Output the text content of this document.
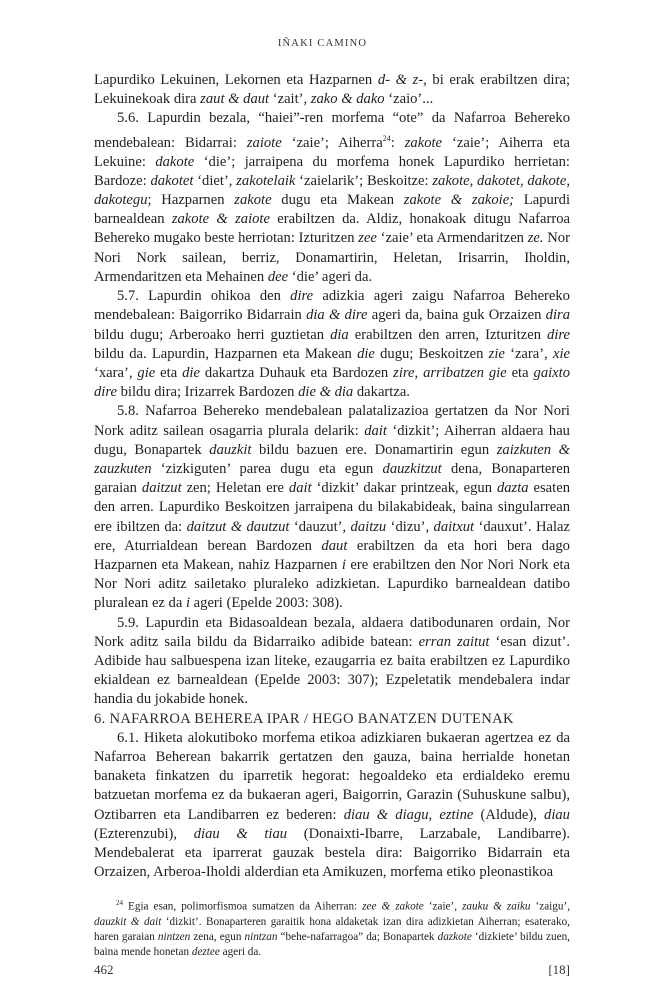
IÑAKI CAMINO

Lapurdiko Lekuinen, Lekornen eta Hazparnen d- & z-, bi erak erabiltzen dira; Lekuinekoak dira zaut & daut ‘zait’, zako & dako ‘zaio’...

5.6. Lapurdin bezala, “haiei”-ren morfema “ote” da Nafarroa Behereko mendebalean: Bidarrai: zaiote ‘zaie’; Aiherra$^{24}$: zakote ‘zaie’; Aiherra eta Lekuine: dakote ‘die’; jarraipena du morfema honek Lapurdiko herrietan: Bardoze: dakotet ‘diet’, zakotelaik ‘zaielarik’; Beskoitze: zakote, dakotet, dakote, dakotegu; Hazparnen zakote dugu eta Makean zakote & zakoie; Lapurdi barnealdean zakote & zaiote erabiltzen da. Aldiz, honakoak ditugu Nafarroa Behereko mugako beste herriotan: Izturitzen zee ‘zaie’ eta Armendaritzen ze. Nor Nori Nork sailean, berriz, Donamartirin, Heletan, Irisarrin, Iholdin, Armendaritzen eta Mehainen dee ‘die’ ageri da.

5.7. Lapurdin ohikoa den dire adizkia ageri zaigu Nafarroa Behereko mendebalean: Baigorriko Bidarrain dia & dire ageri da, baina guk Orzaizen dira bildu dugu; Arberoako herri guztietan dia erabiltzen den arren, Izturitzen dire bildu da. Lapurdin, Hazparnen eta Makean die dugu; Beskoitzen zie ‘zara’, xie ‘xara’, gie eta die dakartza Duhauk eta Bardozen zire, arribatzen gie eta gaixto dire bildu dira; Irizarrek Bardozen die & dia dakartza.

5.8. Nafarroa Behereko mendebalean palatalizazioa gertatzen da Nor Nori Nork aditz sailean osagarria plurala delarik: dait ‘dizkit’; Aiherran aldaera hau dugu, Bonapartek dauzkit bildu bazuen ere. Donamartirin egun zaizkuten & zauzkuten ‘zizkiguten’ parea dugu eta egun dauzkitzut dena, Bonaparteren garaian daitzut zen; Heletan ere dait ‘dizkit’ dakar printzeak, egun dazta esaten den arren. Lapurdiko Beskoitzen jarraipena du bilakabideak, baina singularrean ere ibiltzen da: daitzut & dautzut ‘dauzut’, daitzu ‘dizu’, daitxut ‘dauxut’. Halaz ere, Aturrialdean berean Bardozen daut erabiltzen da eta hori bera dago Hazparnen eta Makean, nahiz Hazparnen i ere erabiltzen den Nor Nori Nork eta Nor Nori aditz sailetako pluraleko adizkietan. Lapurdiko barnealdean datibo pluralean ez da i ageri (Epelde 2003: 308).

5.9. Lapurdin eta Bidasoaldean bezala, aldaera datibodunaren ordain, Nor Nork aditz saila bildu da Bidarraiko adibide batean: erran zaitut ‘esan dizut’. Adibide hau salbuespena izan liteke, ezaugarria ez baita erabiltzen ez Lapurdiko ekialdean ez barnealdean (Epelde 2003: 307); Ezpeletatik mendebalera indar handia du jokabide honek.

6. NAFARROA BEHEREA IPAR / HEGO BANATZEN DUTENAK

6.1. Hiketa alokutiboko morfema etikoa adizkiaren bukaeran agertzea ez da Nafarroa Beherean bakarrik gertatzen den gauza, baina herrialde honetan banaketa finkatzen du iparretik hegorat: hegoaldeko eta erdialdeko eremu batzuetan morfema ez da bukaeran ageri, Baigorrin, Garazin (Suhuskune salbu), Oztibarren eta Landibarren ez bederen: diau & diagu, eztine (Aldude), diau (Ezterenzubi), diau & tiau (Donaixti-Ibarre, Larzabale, Landibarre). Mendebalerat eta iparrerat gauzak bestela dira: Baigorriko Bidarrain eta Orzaizen, Arberoa-Iholdi alderdian eta Amikuzen, morfema etiko pleonastikoa

$^{24}$ Egia esan, polimorfismoa sumatzen da Aiherran: zee & zakote ‘zaie’, zauku & zaiku ‘zaigu’, dauzkit & dait ‘dizkit’. Bonaparteren garaitik hona aldaketak izan dira adizkietan Aiherran; esaterako, haren garaian nintzen zena, egun nintzan “behe-nafarragoa” da; Bonapartek dazkote ‘dizkiete’ bildu zuen, baina mende honetan deztee ageri da.

462	[18]
